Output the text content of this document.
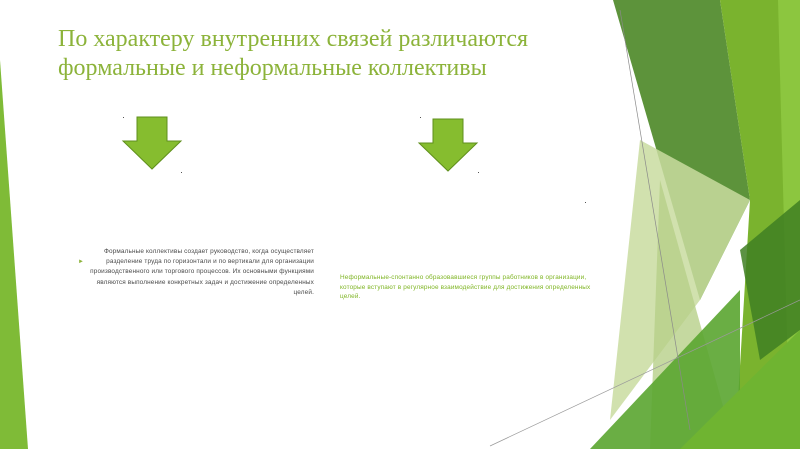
По характеру внутренних связей различаются формальные и неформальные коллективы
►

Формальные коллективы создает руководство, когда осуществляет разделение труда по горизонтали и по вертикали для организации производственного или торгового процессов. Их основными функциями являются выполнение конкретных задач и достижение определенных целей.

Неформальные-спонтанно образовавшиеся группы работников в организации, которые вступают в регулярное взаимодействие для достижения определенных целей.
